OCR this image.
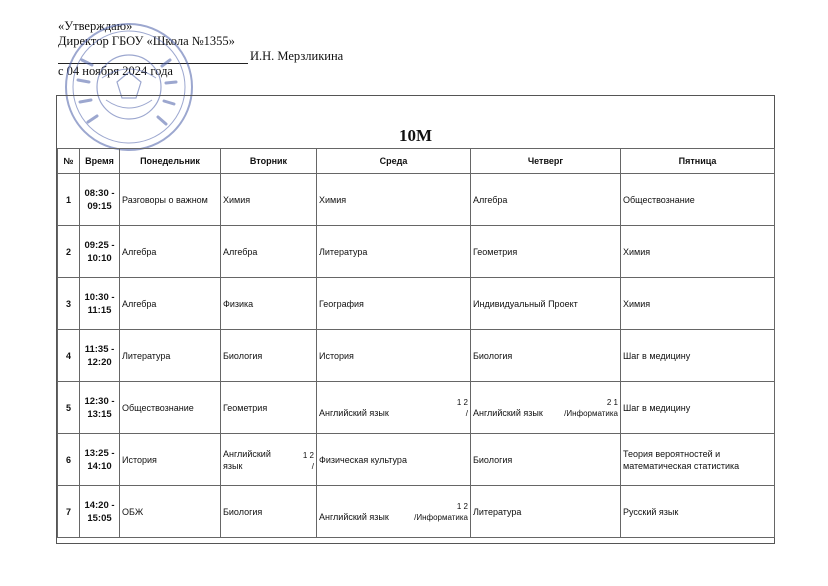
«Утверждаю»
Директор ГБОУ «Школа №1355»
И.Н. Мерзликина
с 04 ноября 2024 года
10М
№	Время	Понедельник	Вторник	Среда	Четверг	Пятница
1	08:30 -
09:15	Разговоры о важном	Химия	Химия	Алгебра	Обществознание
2	09:25 -
10:10	Алгебра	Алгебра	Литература	Геометрия	Химия
3	10:30 -
11:15	Алгебра	Физика	География	Индивидуальный Проект	Химия
4	11:35 -
12:20	Литература	Биология	История	Биология	Шаг в медицину
5	12:30 -
13:15	Обществознание	Геометрия	Английский язык
1 2
/	Английский язык
2 1
/Информатика	Шаг в медицину
6	13:25 -
14:10	История	Английский язык
1 2
/	Физическая культура	Биология	Теория вероятностей и математическая статистика
7	14:20 -
15:05	ОБЖ	Биология	Английский язык
1 2
/Информатика	Литература	Русский язык
